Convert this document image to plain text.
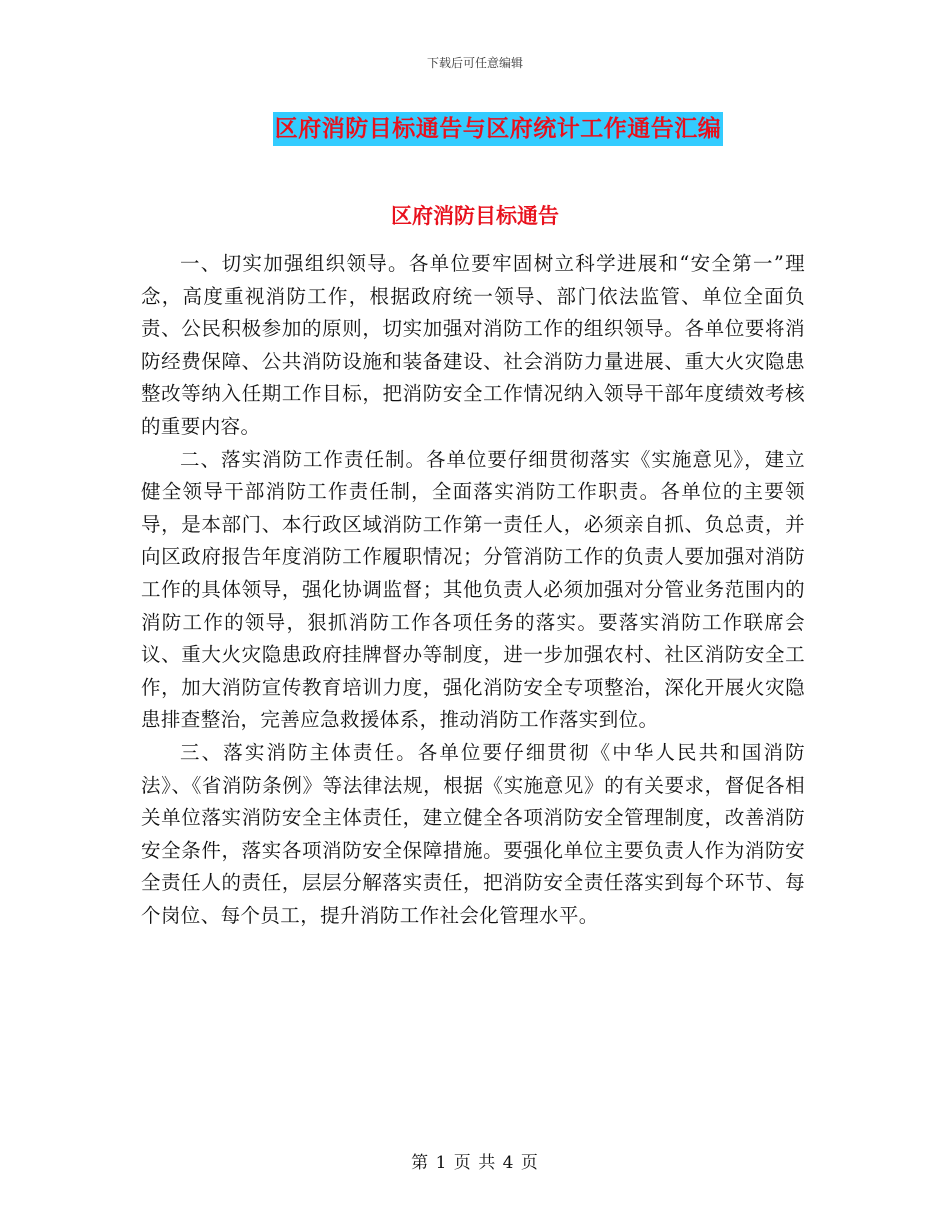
下载后可任意编辑
区府消防目标通告与区府统计工作通告汇编
区府消防目标通告

一、切实加强组织领导。各单位要牢固树立科学进展和“安全第一”理念，高度重视消防工作，根据政府统一领导、部门依法监管、单位全面负责、公民积极参加的原则，切实加强对消防工作的组织领导。各单位要将消防经费保障、公共消防设施和装备建设、社会消防力量进展、重大火灾隐患整改等纳入任期工作目标，把消防安全工作情况纳入领导干部年度绩效考核的重要内容。

二、落实消防工作责任制。各单位要仔细贯彻落实《实施意见》，建立健全领导干部消防工作责任制，全面落实消防工作职责。各单位的主要领导，是本部门、本行政区域消防工作第一责任人，必须亲自抓、负总责，并向区政府报告年度消防工作履职情况；分管消防工作的负责人要加强对消防工作的具体领导，强化协调监督；其他负责人必须加强对分管业务范围内的消防工作的领导，狠抓消防工作各项任务的落实。要落实消防工作联席会议、重大火灾隐患政府挂牌督办等制度，进一步加强农村、社区消防安全工作，加大消防宣传教育培训力度，强化消防安全专项整治，深化开展火灾隐患排查整治，完善应急救援体系，推动消防工作落实到位。

三、落实消防主体责任。各单位要仔细贯彻《中华人民共和国消防法》、《省消防条例》等法律法规，根据《实施意见》的有关要求，督促各相关单位落实消防安全主体责任，建立健全各项消防安全管理制度，改善消防安全条件，落实各项消防安全保障措施。要强化单位主要负责人作为消防安全责任人的责任，层层分解落实责任，把消防安全责任落实到每个环节、每个岗位、每个员工，提升消防工作社会化管理水平。

第 1 页 共 4 页
